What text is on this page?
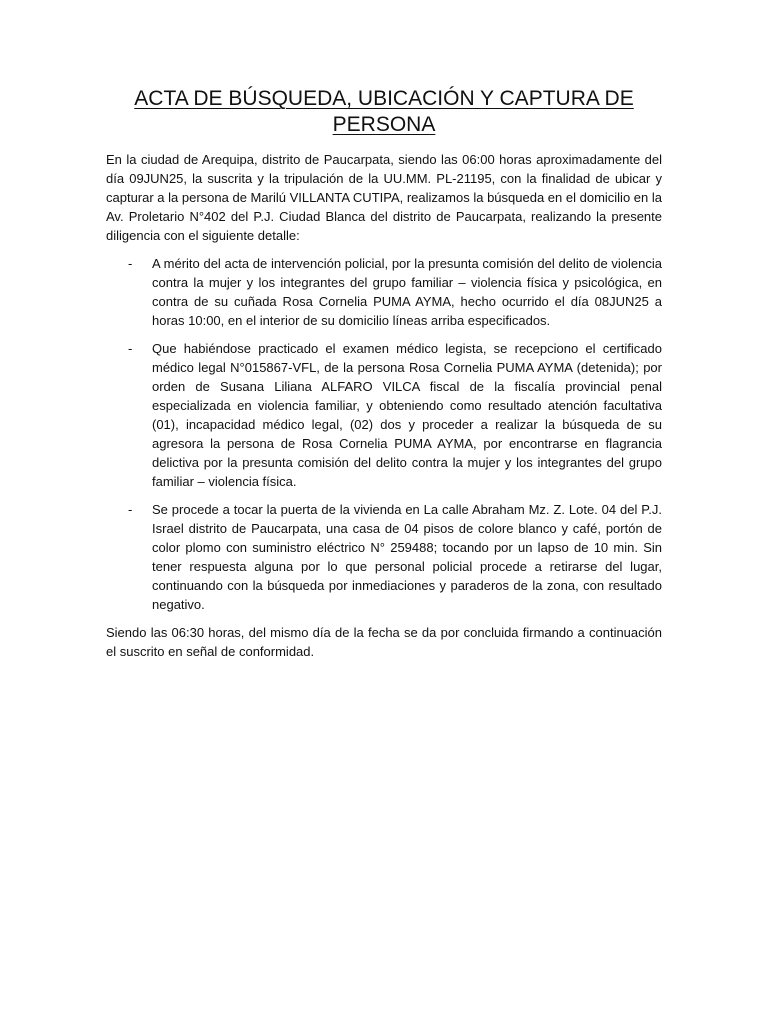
ACTA DE BÚSQUEDA, UBICACIÓN Y CAPTURA DE
PERSONA

En la ciudad de Arequipa, distrito de Paucarpata, siendo las 06:00 horas aproximadamente del día 09JUN25, la suscrita y la tripulación de la UU.MM. PL-21195, con la finalidad de ubicar y capturar a la persona de Marilú VILLANTA CUTIPA, realizamos la búsqueda en el domicilio en la Av. Proletario N°402 del P.J. Ciudad Blanca del distrito de Paucarpata, realizando la presente diligencia con el siguiente detalle:

- A mérito del acta de intervención policial, por la presunta comisión del delito de violencia contra la mujer y los integrantes del grupo familiar – violencia física y psicológica, en contra de su cuñada Rosa Cornelia PUMA AYMA, hecho ocurrido el día 08JUN25 a horas 10:00, en el interior de su domicilio líneas arriba especificados.

- Que habiéndose practicado el examen médico legista, se recepciono el certificado médico legal N°015867-VFL, de la persona Rosa Cornelia PUMA AYMA (detenida); por orden de Susana Liliana ALFARO VILCA fiscal de la fiscalía provincial penal especializada en violencia familiar, y obteniendo como resultado atención facultativa (01), incapacidad médico legal, (02) dos y proceder a realizar la búsqueda de su agresora la persona de Rosa Cornelia PUMA AYMA, por encontrarse en flagrancia delictiva por la presunta comisión del delito contra la mujer y los integrantes del grupo familiar – violencia física.

- Se procede a tocar la puerta de la vivienda en La calle Abraham Mz. Z. Lote. 04 del P.J. Israel distrito de Paucarpata, una casa de 04 pisos de colore blanco y café, portón de color plomo con suministro eléctrico N° 259488; tocando por un lapso de 10 min. Sin tener respuesta alguna por lo que personal policial procede a retirarse del lugar, continuando con la búsqueda por inmediaciones y paraderos de la zona, con resultado negativo.

Siendo las 06:30 horas, del mismo día de la fecha se da por concluida firmando a continuación el suscrito en señal de conformidad.
